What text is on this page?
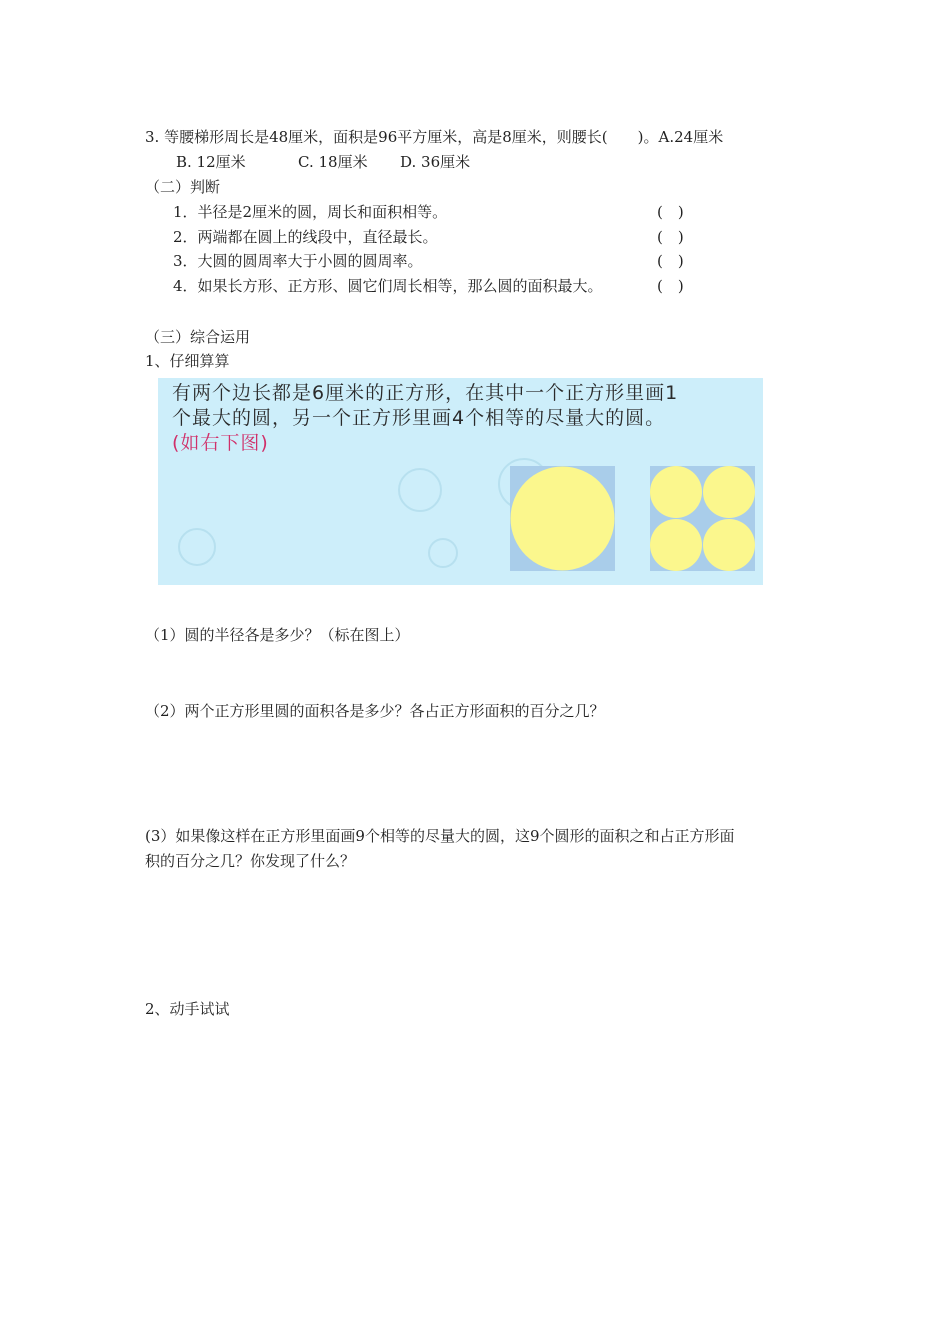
3. 等腰梯形周长是48厘米，面积是96平方厘米，高是8厘米，则腰长(　　)。A.24厘米
B. 12厘米	C. 18厘米 D. 36厘米
（二）判断
1．半径是2厘米的圆，周长和面积相等。	(　)
2．两端都在圆上的线段中，直径最长。	(　)
3．大圆的圆周率大于小圆的圆周率。	(　)
4．如果长方形、正方形、圆它们周长相等，那么圆的面积最大。	(　)
（三）综合运用
1、仔细算算
有两个边长都是6厘米的正方形，在其中一个正方形里画1
个最大的圆，另一个正方形里画4个相等的尽量大的圆。
(如右下图)
（1）圆的半径各是多少？（标在图上）
（2）两个正方形里圆的面积各是多少？各占正方形面积的百分之几？
(3）如果像这样在正方形里面画9个相等的尽量大的圆，这9个圆形的面积之和占正方形面
积的百分之几？你发现了什么？
2、动手试试
